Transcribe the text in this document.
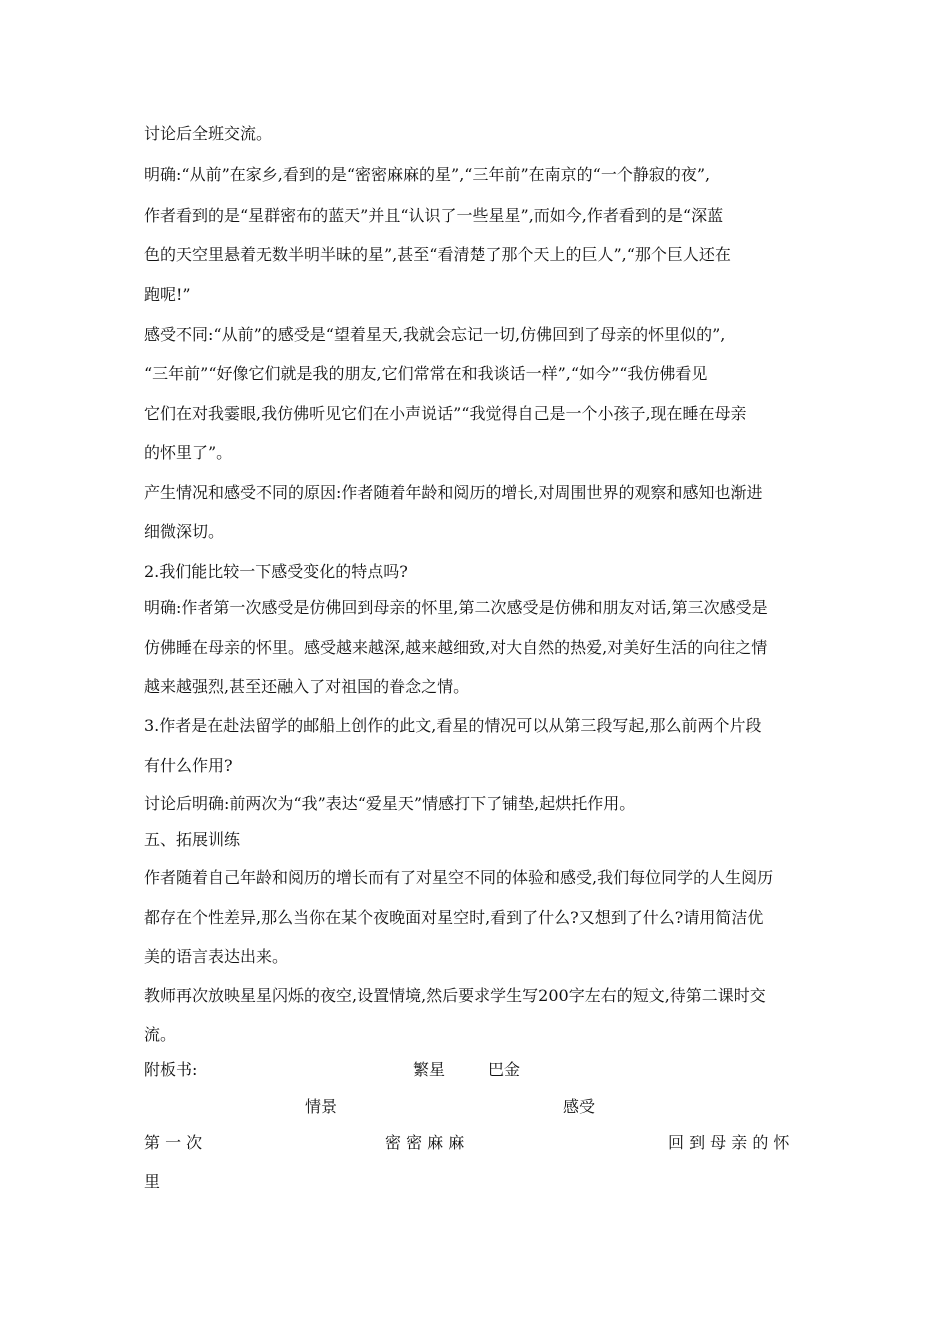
讨论后全班交流。

明确:“从前”在家乡,看到的是“密密麻麻的星”,“三年前”在南京的“一个静寂的夜”,

作者看到的是“星群密布的蓝天”并且“认识了一些星星”,而如今,作者看到的是“深蓝

色的天空里悬着无数半明半昧的星”,甚至“看清楚了那个天上的巨人”,“那个巨人还在

跑呢!”

感受不同:“从前”的感受是“望着星天,我就会忘记一切,仿佛回到了母亲的怀里似的”,

“三年前”“好像它们就是我的朋友,它们常常在和我谈话一样”,“如今”“我仿佛看见

它们在对我霎眼,我仿佛听见它们在小声说话”“我觉得自己是一个小孩子,现在睡在母亲

的怀里了”。

产生情况和感受不同的原因:作者随着年龄和阅历的增长,对周围世界的观察和感知也渐进

细微深切。

2.我们能比较一下感受变化的特点吗?

明确:作者第一次感受是仿佛回到母亲的怀里,第二次感受是仿佛和朋友对话,第三次感受是

仿佛睡在母亲的怀里。感受越来越深,越来越细致,对大自然的热爱,对美好生活的向往之情

越来越强烈,甚至还融入了对祖国的眷念之情。

3.作者是在赴法留学的邮船上创作的此文,看星的情况可以从第三段写起,那么前两个片段

有什么作用?

讨论后明确:前两次为“我”表达“爱星天”情感打下了铺垫,起烘托作用。

五、拓展训练

作者随着自己年龄和阅历的增长而有了对星空不同的体验和感受,我们每位同学的人生阅历

都存在个性差异,那么当你在某个夜晚面对星空时,看到了什么?又想到了什么?请用简洁优

美的语言表达出来。

教师再次放映星星闪烁的夜空,设置情境,然后要求学生写200字左右的短文,待第二课时交

流。

附板书:	繁星	巴金

情景	感受

第 一 次	密 密 麻 麻	回 到 母 亲 的 怀

里
